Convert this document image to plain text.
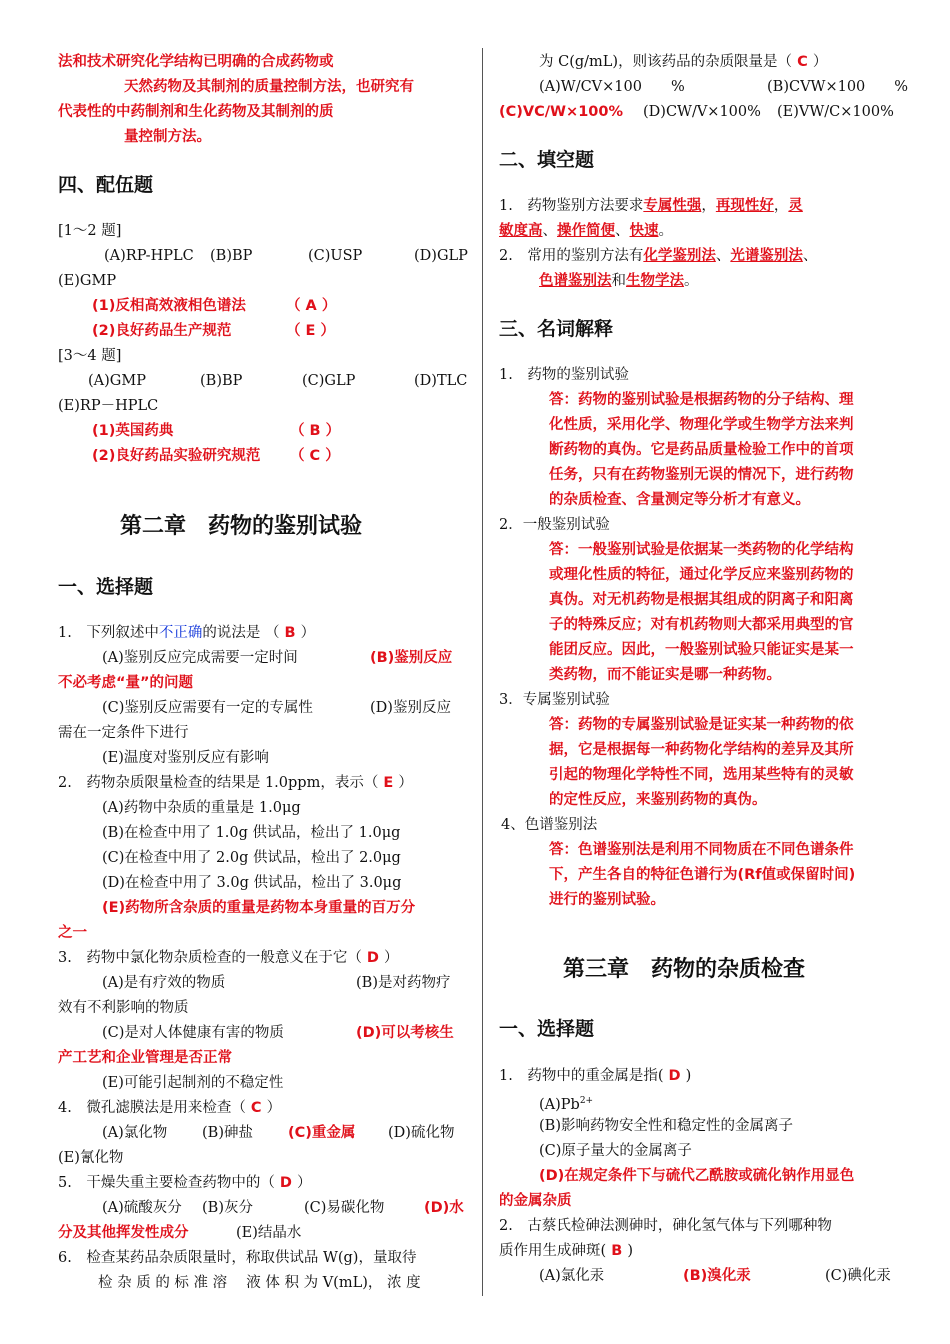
法和技术研究化学结构已明确的合成药物或
天然药物及其制剂的质量控制方法，也研究有
代表性的中药制剂和生化药物及其制剂的质
量控制方法。
四、配伍题
[1～2 题]
(A)RP-HPLC (B)BP	(C)USP	(D)GLP
(E)GMP
(1)反相高效液相色谱法	（ A ）
(2)良好药品生产规范	（ E ）
[3～4 题]
(A)GMP	(B)BP	(C)GLP	(D)TLC
(E)RP－HPLC
(1)英国药典	（ B ）
(2)良好药品实验研究规范 （ C ）
第二章　药物的鉴别试验
一、选择题
1.　下列叙述中不正确的说法是 （ B ）
(A)鉴别反应完成需要一定时间	(B)鉴别反应
不必考虑“量”的问题
(C)鉴别反应需要有一定的专属性	(D)鉴别反应
需在一定条件下进行
(E)温度对鉴别反应有影响
2.　药物杂质限量检查的结果是 1.0ppm，表示（ E ）
(A)药物中杂质的重量是 1.0μg
(B)在检查中用了 1.0g 供试品，检出了 1.0μg
(C)在检查中用了 2.0g 供试品，检出了 2.0μg
(D)在检查中用了 3.0g 供试品，检出了 3.0μg
(E)药物所含杂质的重量是药物本身重量的百万分
之一
3.　药物中氯化物杂质检查的一般意义在于它（ D ）
(A)是有疗效的物质	(B)是对药物疗
效有不利影响的物质
(C)是对人体健康有害的物质	(D)可以考核生
产工艺和企业管理是否正常
(E)可能引起制剂的不稳定性
4.　微孔滤膜法是用来检查（ C ）
(A)氯化物 (B)砷盐 (C)重金属 (D)硫化物
(E)氰化物
5.　干燥失重主要检查药物中的（ D ）
(A)硫酸灰分 (B)灰分	(C)易碳化物	(D)水
分及其他挥发性成分	(E)结晶水
6.　检查某药品杂质限量时，称取供试品 W(g)，量取待
检 杂 质 的 标 准 溶　 液 体 积 为 V(mL)， 浓 度
为 C(g/mL)，则该药品的杂质限量是（ C ）
(A)W/CV×100　　%	(B)CVW×100　　%
(C)VC/W×100% (D)CW/V×100% (E)VW/C×100%
二、填空题
1.　药物鉴别方法要求专属性强，再现性好，灵
敏度高、操作简便、快速。
2.　常用的鉴别方法有化学鉴别法、光谱鉴别法、
色谱鉴别法和生物学法。
三、名词解释
1.　药物的鉴别试验
答：药物的鉴别试验是根据药物的分子结构、理
化性质，采用化学、物理化学或生物学方法来判
断药物的真伪。它是药品质量检验工作中的首项
任务，只有在药物鉴别无误的情况下，进行药物
的杂质检查、含量测定等分析才有意义。
2．一般鉴别试验
答：一般鉴别试验是依据某一类药物的化学结构
或理化性质的特征，通过化学反应来鉴别药物的
真伪。对无机药物是根据其组成的阴离子和阳离
子的特殊反应；对有机药物则大都采用典型的官
能团反应。因此，一般鉴别试验只能证实是某一
类药物，而不能证实是哪一种药物。
3．专属鉴别试验
答：药物的专属鉴别试验是证实某一种药物的依
据，它是根据每一种药物化学结构的差异及其所
引起的物理化学特性不同，选用某些特有的灵敏
的定性反应，来鉴别药物的真伪。
4、色谱鉴别法
答：色谱鉴别法是利用不同物质在不同色谱条件
下，产生各自的特征色谱行为(Rf值或保留时间)
进行的鉴别试验。
第三章　药物的杂质检查
一、选择题
1.　药物中的重金属是指( D )
$(A)Pb^{2+}$
(B)影响药物安全性和稳定性的金属离子
(C)原子量大的金属离子
(D)在规定条件下与硫代乙酰胺或硫化钠作用显色
的金属杂质
2.　古蔡氏检砷法测砷时，砷化氢气体与下列哪种物
质作用生成砷斑( B )
(A)氯化汞	(B)溴化汞	(C)碘化汞
